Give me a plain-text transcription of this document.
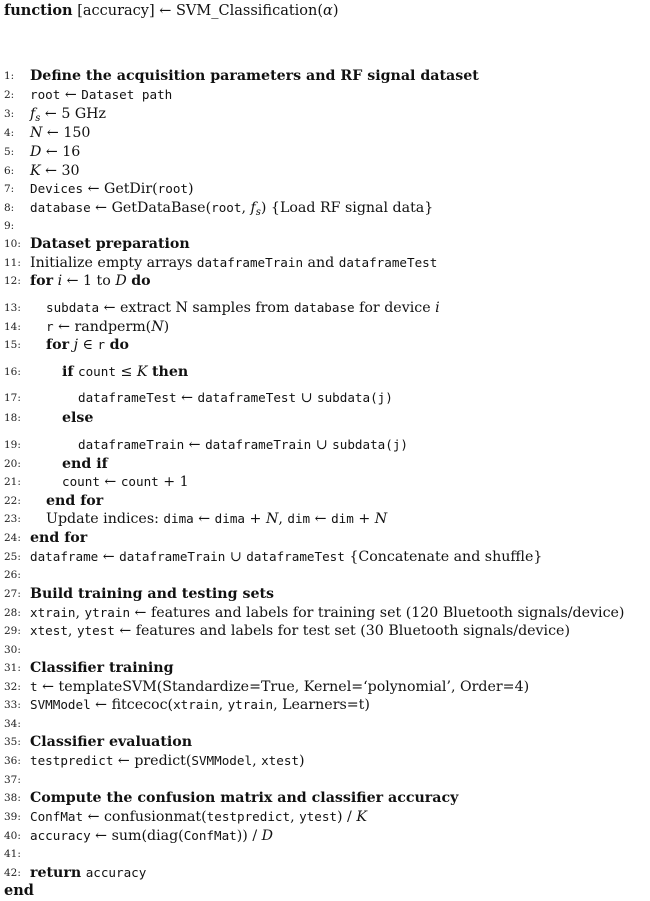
function [accuracy] ← SVM_Classification(α)
1:	Define the acquisition parameters and RF signal dataset
2:	root ← Dataset path
3:	$f_s$ ← 5 GHz
4:	N ← 150
5:	D ← 16
6:	K ← 30
7:	Devices ← GetDir(root)
8:	database ← GetDataBase(root, $f_s$) {Load RF signal data}
9:
10: Dataset preparation
11: Initialize empty arrays dataframeTrain and dataframeTest
12: for i ← 1 to D do
13: subdata ← extract N samples from database for device i
14: r ← randperm(N)
15: for j ∈ r do
16:	if count ≤ K then
17:	dataframeTest ← dataframeTest ∪ subdata(j)
18:	else
19:	dataframeTrain ← dataframeTrain ∪ subdata(j)
20:	end if
21:	count ← count + 1
22: end for
23: Update indices: dima ← dima + N, dim ← dim + N
24: end for
25: dataframe ← dataframeTrain ∪ dataframeTest {Concatenate and shuffle}
26:
27: Build training and testing sets
28: xtrain, ytrain ← features and labels for training set (120 Bluetooth signals/device)
29: xtest, ytest ← features and labels for test set (30 Bluetooth signals/device)
30:
31: Classifier training
32: t ← templateSVM(Standardize=True, Kernel=‘polynomial’, Order=4)
33: SVMModel ← fitcecoc(xtrain, ytrain, Learners=t)
34:
35: Classifier evaluation
36: testpredict ← predict(SVMModel, xtest)
37:
38: Compute the confusion matrix and classifier accuracy
39: ConfMat ← confusionmat(testpredict, ytest) / K
40: accuracy ← sum(diag(ConfMat)) / D
41:
42: return accuracy
end
